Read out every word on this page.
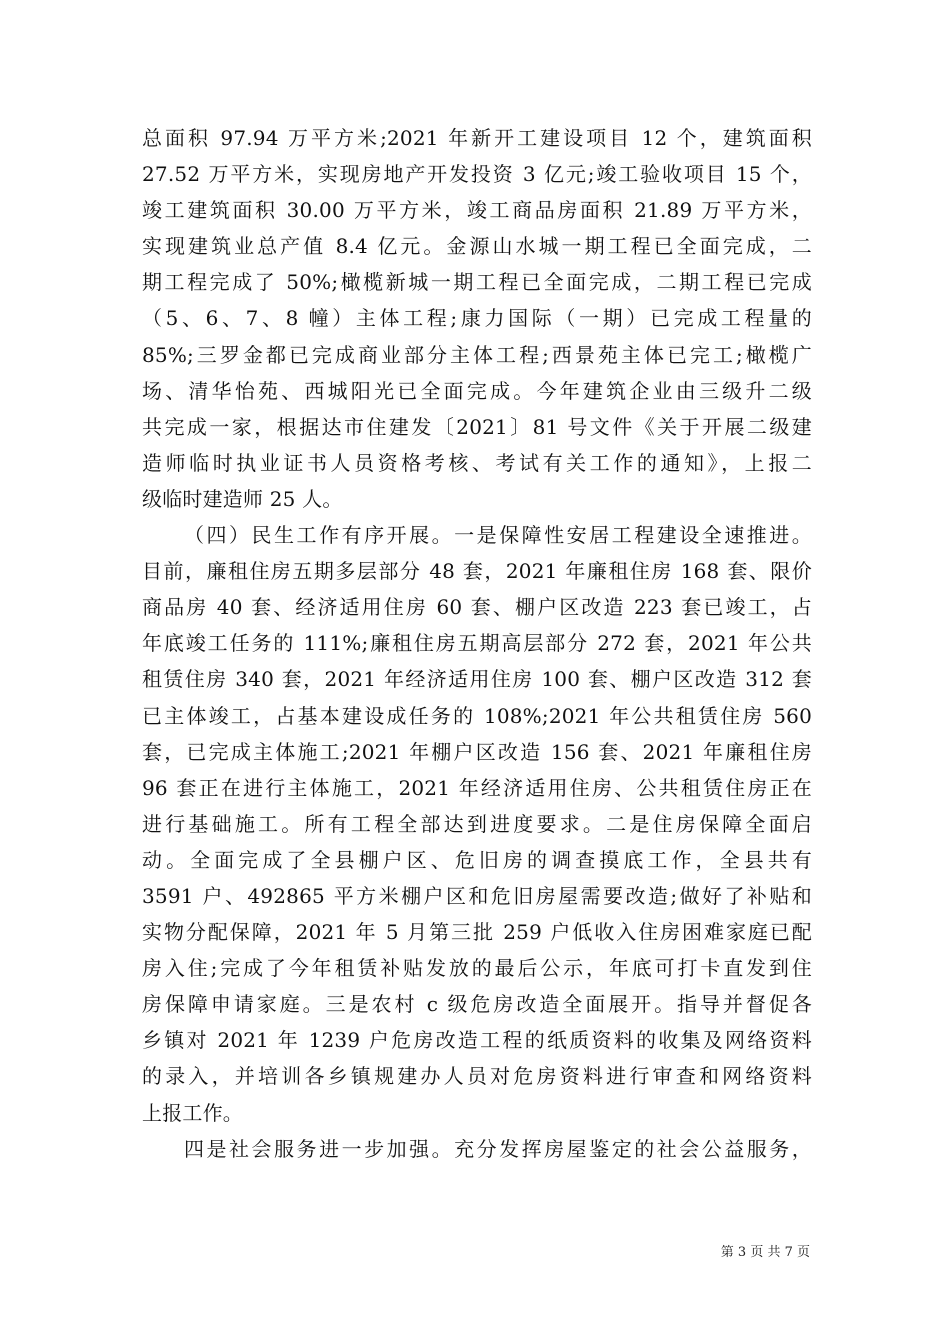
总面积 97.94 万平方米;2021 年新开工建设项目 12 个，建筑面积
27.52 万平方米，实现房地产开发投资 3 亿元;竣工验收项目 15 个，
竣工建筑面积 30.00 万平方米，竣工商品房面积 21.89 万平方米，
实现建筑业总产值 8.4 亿元。金源山水城一期工程已全面完成，二
期工程完成了 50%;橄榄新城一期工程已全面完成，二期工程已完成
（5、6、7、8 幢）主体工程;康力国际（一期）已完成工程量的
85%;三罗金都已完成商业部分主体工程;西景苑主体已完工;橄榄广
场、清华怡苑、西城阳光已全面完成。今年建筑企业由三级升二级
共完成一家，根据达市住建发〔2021〕81 号文件《关于开展二级建
造师临时执业证书人员资格考核、考试有关工作的通知》，上报二
级临时建造师 25 人。
（四）民生工作有序开展。一是保障性安居工程建设全速推进。
目前，廉租住房五期多层部分 48 套，2021 年廉租住房 168 套、限价
商品房 40 套、经济适用住房 60 套、棚户区改造 223 套已竣工，占
年底竣工任务的 111%;廉租住房五期高层部分 272 套，2021 年公共
租赁住房 340 套，2021 年经济适用住房 100 套、棚户区改造 312 套
已主体竣工，占基本建设成任务的 108%;2021 年公共租赁住房 560
套，已完成主体施工;2021 年棚户区改造 156 套、2021 年廉租住房
96 套正在进行主体施工，2021 年经济适用住房、公共租赁住房正在
进行基础施工。所有工程全部达到进度要求。二是住房保障全面启
动。全面完成了全县棚户区、危旧房的调查摸底工作，全县共有
3591 户、492865 平方米棚户区和危旧房屋需要改造;做好了补贴和
实物分配保障，2021 年 5 月第三批 259 户低收入住房困难家庭已配
房入住;完成了今年租赁补贴发放的最后公示，年底可打卡直发到住
房保障申请家庭。三是农村 c 级危房改造全面展开。指导并督促各
乡镇对 2021 年 1239 户危房改造工程的纸质资料的收集及网络资料
的录入，并培训各乡镇规建办人员对危房资料进行审查和网络资料
上报工作。
四是社会服务进一步加强。充分发挥房屋鉴定的社会公益服务，
第 3 页 共 7 页
